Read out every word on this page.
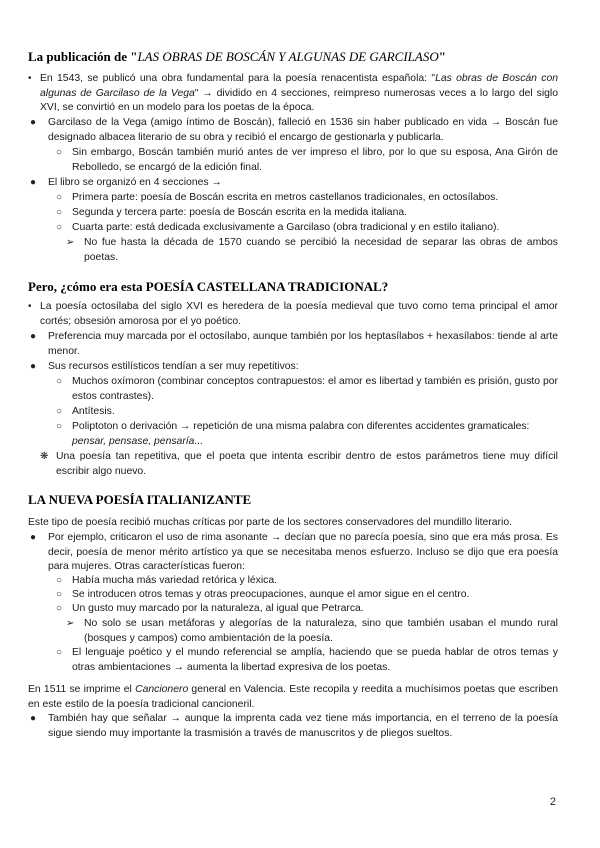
La publicación de "LAS OBRAS DE BOSCÁN Y ALGUNAS DE GARCILASO"
• En 1543, se publicó una obra fundamental para la poesía renacentista española: "Las obras de Boscán con algunas de Garcilaso de la Vega" → dividido en 4 secciones, reimpreso numerosas veces a lo largo del siglo XVI, se convirtió en un modelo para los poetas de la época.
● Garcilaso de la Vega (amigo íntimo de Boscán), falleció en 1536 sin haber publicado en vida → Boscán fue designado albacea literario de su obra y recibió el encargo de gestionarla y publicarla.
○ Sin embargo, Boscán también murió antes de ver impreso el libro, por lo que su esposa, Ana Girón de Rebolledo, se encargó de la edición final.
● El libro se organizó en 4 secciones →
○ Primera parte: poesía de Boscán escrita en metros castellanos tradicionales, en octosílabos.
○ Segunda y tercera parte: poesía de Boscán escrita en la medida italiana.
○ Cuarta parte: está dedicada exclusivamente a Garcilaso (obra tradicional y en estilo italiano).
➢ No fue hasta la década de 1570 cuando se percibió la necesidad de separar las obras de ambos poetas.
Pero, ¿cómo era esta POESÍA CASTELLANA TRADICIONAL?
• La poesía octosílaba del siglo XVI es heredera de la poesía medieval que tuvo como tema principal el amor cortés; obsesión amorosa por el yo poético.
● Preferencia muy marcada por el octosílabo, aunque también por los heptasílabos + hexasílabos: tiende al arte menor.
● Sus recursos estilísticos tendían a ser muy repetitivos:
○ Muchos oxímoron (combinar conceptos contrapuestos: el amor es libertad y también es prisión, gusto por estos contrastes).
○ Antítesis.
○ Poliptoton o derivación → repetición de una misma palabra con diferentes accidentes gramaticales:
pensar, pensase, pensaría...
❋ Una poesía tan repetitiva, que el poeta que intenta escribir dentro de estos parámetros tiene muy difícil escribir algo nuevo.
LA NUEVA POESÍA ITALIANIZANTE
Este tipo de poesía recibió muchas críticas por parte de los sectores conservadores del mundillo literario.
● Por ejemplo, criticaron el uso de rima asonante → decían que no parecía poesía, sino que era más prosa. Es decir, poesía de menor mérito artístico ya que se necesitaba menos esfuerzo. Incluso se dijo que era poesía para mujeres. Otras características fueron:
○ Había mucha más variedad retórica y léxica.
○ Se introducen otros temas y otras preocupaciones, aunque el amor sigue en el centro.
○ Un gusto muy marcado por la naturaleza, al igual que Petrarca.
➢ No solo se usan metáforas y alegorías de la naturaleza, sino que también usaban el mundo rural (bosques y campos) como ambientación de la poesía.
○ El lenguaje poético y el mundo referencial se amplía, haciendo que se pueda hablar de otros temas y otras ambientaciones → aumenta la libertad expresiva de los poetas.
En 1511 se imprime el Cancionero general en Valencia. Este recopila y reedita a muchísimos poetas que escriben en este estilo de la poesía tradicional cancioneril.
● También hay que señalar → aunque la imprenta cada vez tiene más importancia, en el terreno de la poesía sigue siendo muy importante la trasmisión a través de manuscritos y de pliegos sueltos.
2
